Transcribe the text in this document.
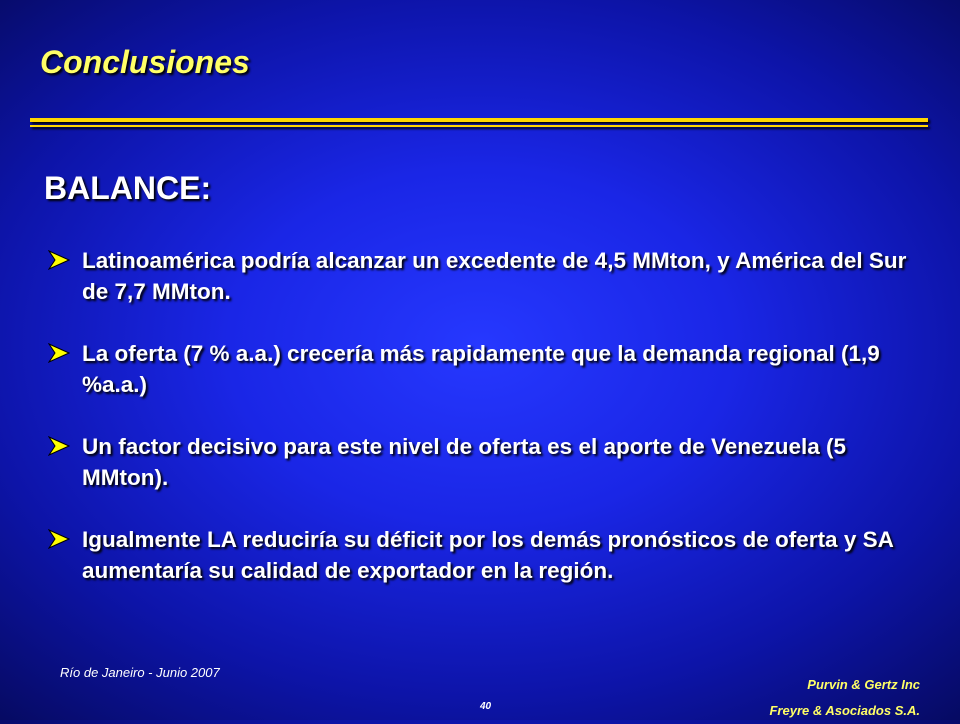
Conclusiones
BALANCE:
Latinoamérica podría alcanzar un excedente de 4,5 MMton, y América del Sur de 7,7 MMton.
La oferta (7 % a.a.) crecería más rapidamente que la demanda regional (1,9 %a.a.)
Un factor decisivo para este nivel de oferta es el aporte de Venezuela (5 MMton).
Igualmente LA reduciría su déficit por los demás pronósticos de oferta y SA aumentaría su calidad de exportador en la región.
Río de Janeiro - Junio 2007
40
Purvin & Gertz Inc
Freyre & Asociados S.A.
